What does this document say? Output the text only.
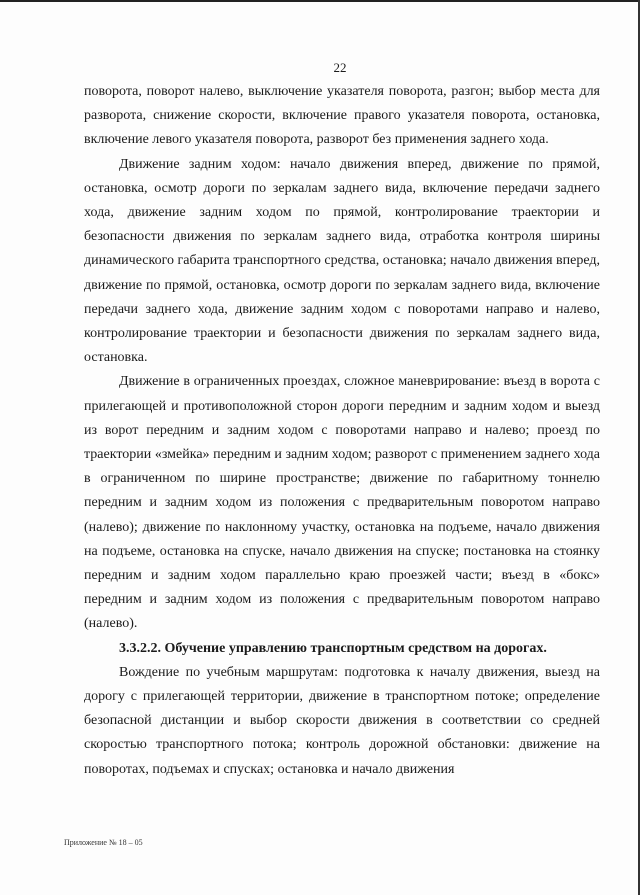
22

поворота, поворот налево, выключение указателя поворота, разгон; выбор места для разворота, снижение скорости, включение правого указателя поворота, остановка, включение левого указателя поворота, разворот без применения заднего хода.

Движение задним ходом: начало движения вперед, движение по прямой, остановка, осмотр дороги по зеркалам заднего вида, включение передачи заднего хода, движение задним ходом по прямой, контролирование траектории и безопасности движения по зеркалам заднего вида, отработка контроля ширины динамического габарита транспортного средства, остановка; начало движения вперед, движение по прямой, остановка, осмотр дороги по зеркалам заднего вида, включение передачи заднего хода, движение задним ходом с поворотами направо и налево, контролирование траектории и безопасности движения по зеркалам заднего вида, остановка.

Движение в ограниченных проездах, сложное маневрирование: въезд в ворота с прилегающей и противоположной сторон дороги передним и задним ходом и выезд из ворот передним и задним ходом с поворотами направо и налево; проезд по траектории «змейка» передним и задним ходом; разворот с применением заднего хода в ограниченном по ширине пространстве; движение по габаритному тоннелю передним и задним ходом из положения с предварительным поворотом направо (налево); движение по наклонному участку, остановка на подъеме, начало движения на подъеме, остановка на спуске, начало движения на спуске; постановка на стоянку передним и задним ходом параллельно краю проезжей части; въезд в «бокс» передним и задним ходом из положения с предварительным поворотом направо (налево).

3.3.2.2. Обучение управлению транспортным средством на дорогах.

Вождение по учебным маршрутам: подготовка к началу движения, выезд на дорогу с прилегающей территории, движение в транспортном потоке; определение безопасной дистанции и выбор скорости движения в соответствии со средней скоростью транспортного потока; контроль дорожной обстановки: движение на поворотах, подъемах и спусках; остановка и начало движения

Приложение № 18 – 05
